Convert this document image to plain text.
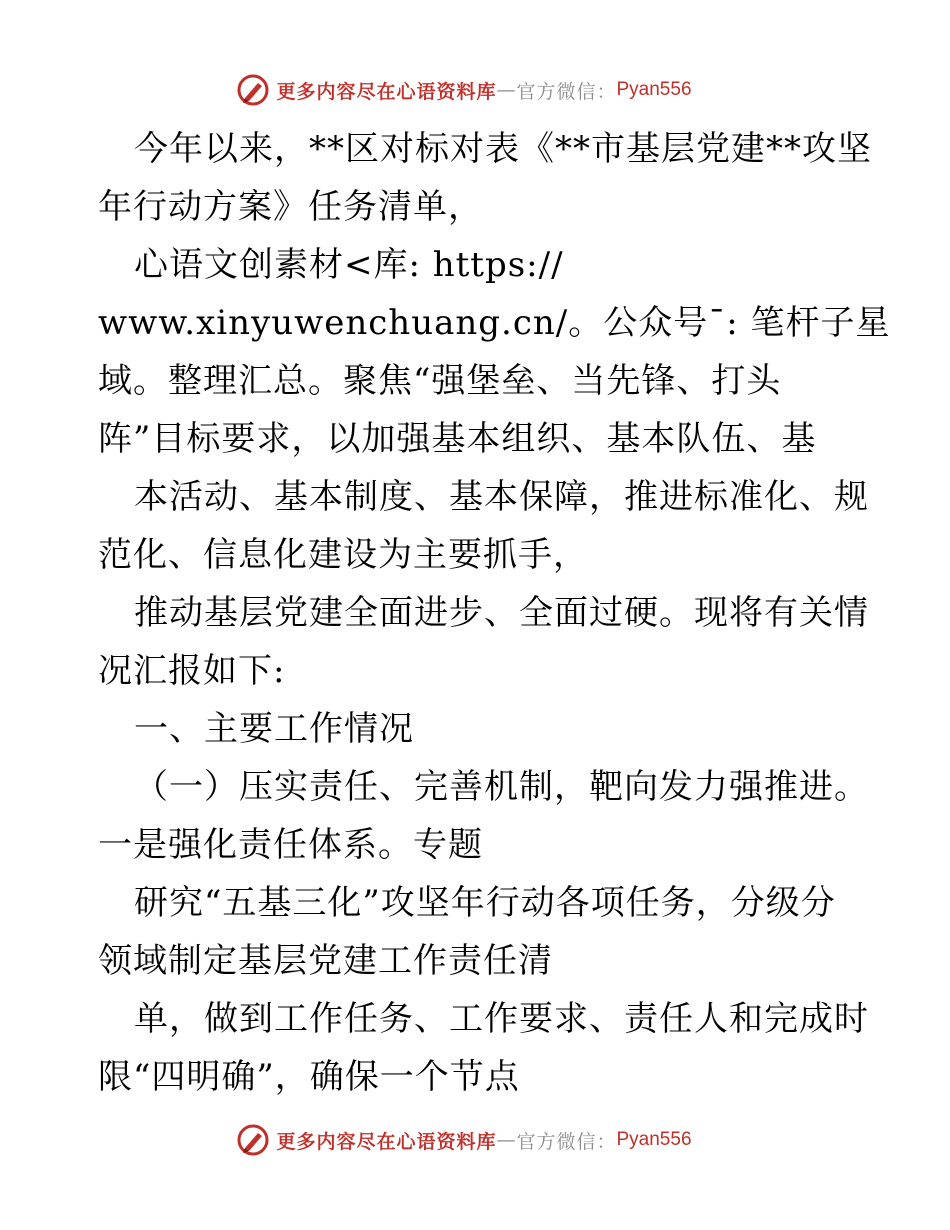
更多内容尽在心语资料库 — 官方微信： Pyan556
今年以来，**区对标对表《**市基层党建**攻坚
年行动方案》任务清单，
心语文创素材<库: https://
www.xinyuwenchuang.cn/。公众号¯: 笔杆子星
域。整理汇总。聚焦“强堡垒、当先锋、打头
阵”目标要求，以加强基本组织、基本队伍、基
本活动、基本制度、基本保障，推进标准化、规
范化、信息化建设为主要抓手，
推动基层党建全面进步、全面过硬。现将有关情
况汇报如下:
一、主要工作情况
（一）压实责任、完善机制，靶向发力强推进。
一是强化责任体系。专题
研究“五基三化”攻坚年行动各项任务，分级分
领域制定基层党建工作责任清
单，做到工作任务、工作要求、责任人和完成时
限“四明确”，确保一个节点
更多内容尽在心语资料库 — 官方微信： Pyan556
